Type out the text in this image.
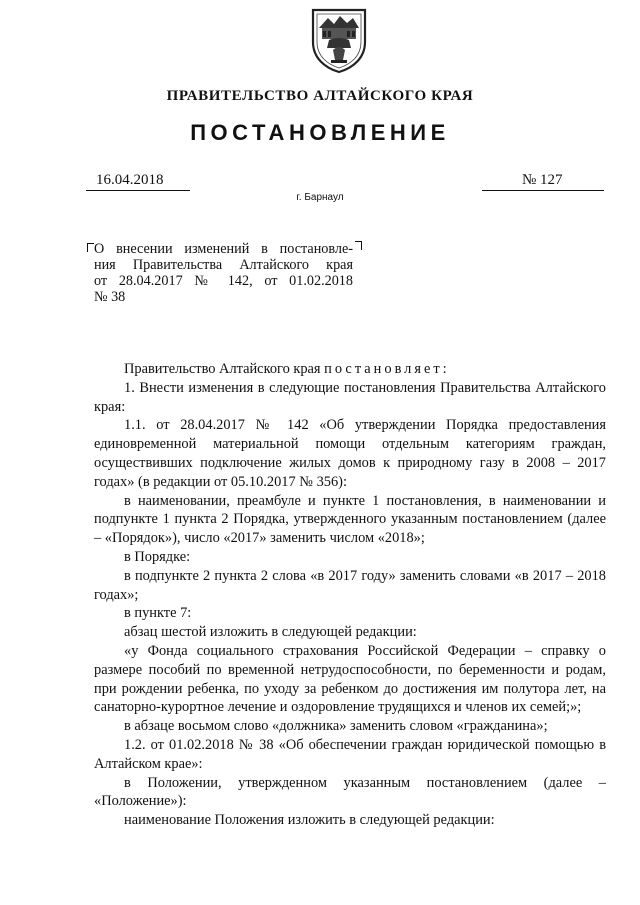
ПРАВИТЕЛЬСТВО АЛТАЙСКОГО КРАЯ
ПОСТАНОВЛЕНИЕ
16.04.2018	№ 127
г. Барнаул
О внесении изменений в постановле-
ния Правительства Алтайского края
от 28.04.2017 № 142, от 01.02.2018
№ 38

Правительство Алтайского края постановляет:

1. Внести изменения в следующие постановления Правительства Алтайского края:

1.1. от 28.04.2017 № 142 «Об утверждении Порядка предоставления единовременной материальной помощи отдельным категориям граждан, осуществивших подключение жилых домов к природному газу в 2008 – 2017 годах» (в редакции от 05.10.2017 № 356):

в наименовании, преамбуле и пункте 1 постановления, в наименовании и подпункте 1 пункта 2 Порядка, утвержденного указанным постановлением (далее – «Порядок»), число «2017» заменить числом «2018»;

в Порядке:

в подпункте 2 пункта 2 слова «в 2017 году» заменить словами «в 2017 – 2018 годах»;

в пункте 7:

абзац шестой изложить в следующей редакции:

«у Фонда социального страхования Российской Федерации – справку о размере пособий по временной нетрудоспособности, по беременности и родам, при рождении ребенка, по уходу за ребенком до достижения им полутора лет, на санаторно-курортное лечение и оздоровление трудящихся и членов их семей;»;

в абзаце восьмом слово «должника» заменить словом «гражданина»;

1.2. от 01.02.2018 № 38 «Об обеспечении граждан юридической помощью в Алтайском крае»:

в Положении, утвержденном указанным постановлением (далее – «Положение»):

наименование Положения изложить в следующей редакции:
